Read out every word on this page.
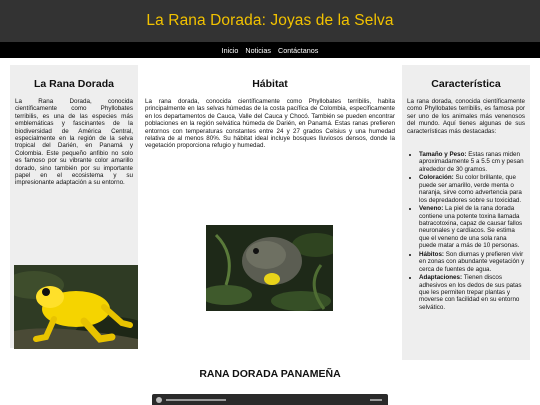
La Rana Dorada: Joyas de la Selva
Inicio Noticias Contáctanos
La Rana Dorada

La Rana Dorada, conocida científicamente como Phyllobates terribilis, es una de las especies más emblemáticas y fascinantes de la biodiversidad de América Central, especialmente en la región de la selva tropical del Darién, en Panamá y Colombia. Este pequeño anfibio no solo es famoso por su vibrante color amarillo dorado, sino también por su importante papel en el ecosistema y su impresionante adaptación a su entorno.

Hábitat

La rana dorada, conocida científicamente como Phyllobates terribilis, habita principalmente en las selvas húmedas de la costa pacífica de Colombia, específicamente en los departamentos de Cauca, Valle del Cauca y Chocó. También se pueden encontrar poblaciones en la región selvática húmeda de Darién, en Panamá. Estas ranas prefieren entornos con temperaturas constantes entre 24 y 27 grados Celsius y una humedad relativa de al menos 80%. Su hábitat ideal incluye bosques lluviosos densos, donde la vegetación proporciona refugio y humedad.

Característica

La rana dorada, conocida científicamente como Phyllobates terribilis, es famosa por ser uno de los animales más venenosos del mundo. Aquí tienes algunas de sus características más destacadas:

• Tamaño y Peso: Estas ranas miden aproximadamente 5 a 5.5 cm y pesan alrededor de 30 gramos.
• Coloración: Su color brillante, que puede ser amarillo, verde menta o naranja, sirve como advertencia para los depredadores sobre su toxicidad.
• Veneno: La piel de la rana dorada contiene una potente toxina llamada batracotoxina, capaz de causar fallos neuronales y cardíacos. Se estima que el veneno de una sola rana puede matar a más de 10 personas.
• Hábitos: Son diurnas y prefieren vivir en zonas con abundante vegetación y cerca de fuentes de agua.
• Adaptaciones: Tienen discos adhesivos en los dedos de sus patas que les permiten trepar plantas y moverse con facilidad en su entorno selvático.
RANA DORADA PANAMEÑA
